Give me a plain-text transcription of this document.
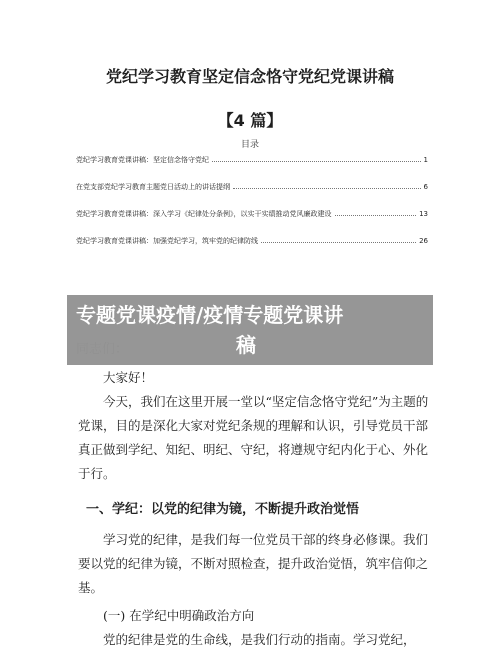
党纪学习教育坚定信念恪守党纪党课讲稿
【4 篇】
目录
党纪学习教育党课讲稿：坚定信念恪守党纪	1
在党支部党纪学习教育主题党日活动上的讲话提纲	6
党纪学习教育党课讲稿：深入学习《纪律处分条例》，以实干实绩推动党风廉政建设	13
党纪学习教育党课讲稿：加强党纪学习，筑牢党的纪律防线	26
专题党课疫情/疫情专题党课讲
稿
大家好！
今天，我们在这里开展一堂以“坚定信念恪守党纪”为主题的党课，目的是深化大家对党纪条规的理解和认识，引导党员干部真正做到学纪、知纪、明纪、守纪，将遵规守纪内化于心、外化于行。
一、学纪：以党的纪律为镜，不断提升政治觉悟
学习党的纪律，是我们每一位党员干部的终身必修课。我们要以党的纪律为镜，不断对照检查，提升政治觉悟，筑牢信仰之基。
(一) 在学纪中明确政治方向
党的纪律是党的生命线，是我们行动的指南。学习党纪，
